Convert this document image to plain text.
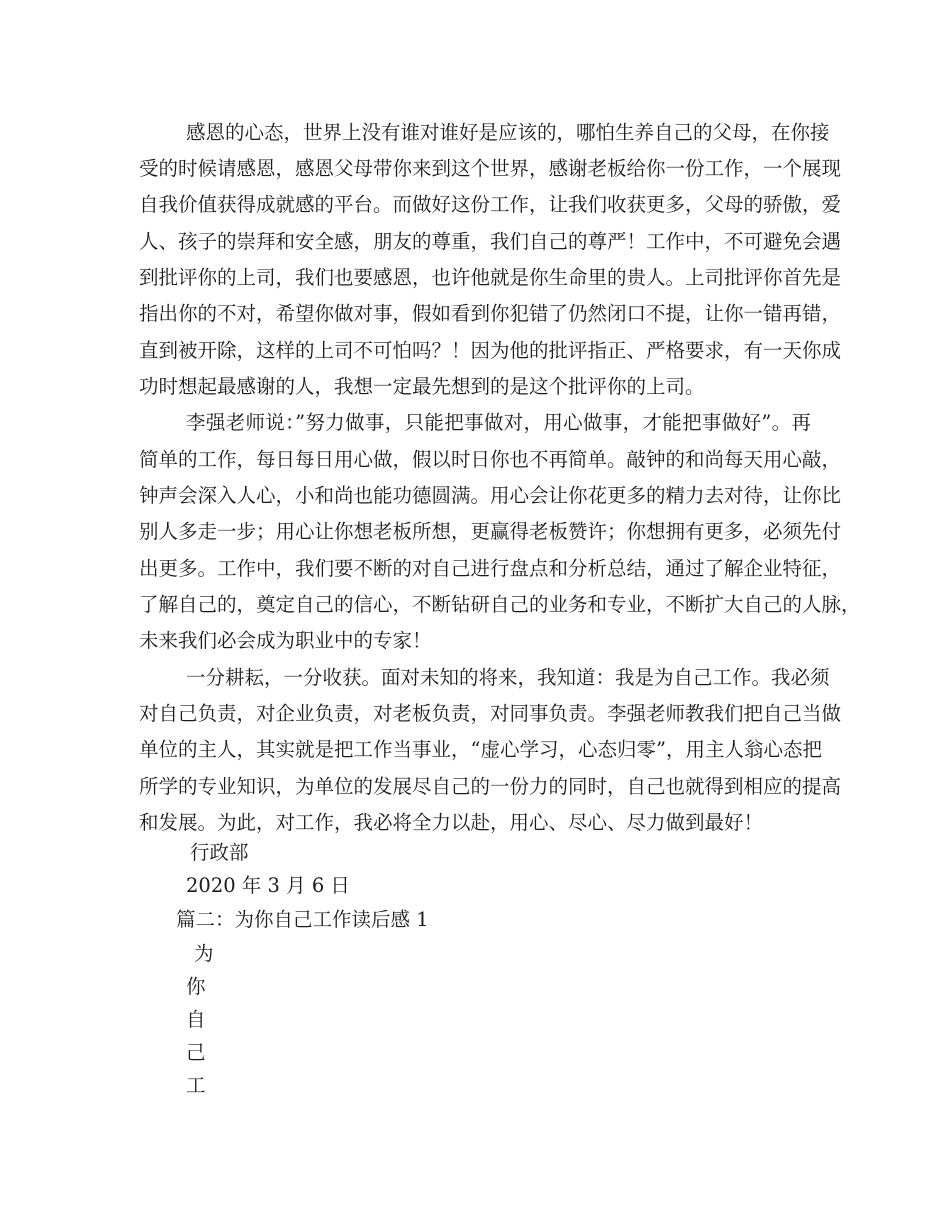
感恩的心态，世界上没有谁对谁好是应该的，哪怕生养自己的父母，在你接
受的时候请感恩，感恩父母带你来到这个世界，感谢老板给你一份工作，一个展现
自我价值获得成就感的平台。而做好这份工作，让我们收获更多，父母的骄傲，爱
人、孩子的崇拜和安全感，朋友的尊重，我们自己的尊严！工作中，不可避免会遇
到批评你的上司，我们也要感恩，也许他就是你生命里的贵人。上司批评你首先是
指出你的不对，希望你做对事，假如看到你犯错了仍然闭口不提，让你一错再错，
直到被开除，这样的上司不可怕吗？！因为他的批评指正、严格要求，有一天你成
功时想起最感谢的人，我想一定最先想到的是这个批评你的上司。
李强老师说：”努力做事，只能把事做对，用心做事，才能把事做好”。再
简单的工作，每日每日用心做，假以时日你也不再简单。敲钟的和尚每天用心敲，
钟声会深入人心，小和尚也能功德圆满。用心会让你花更多的精力去对待，让你比
别人多走一步；用心让你想老板所想，更赢得老板赞许；你想拥有更多，必须先付
出更多。工作中，我们要不断的对自己进行盘点和分析总结，通过了解企业特征，
了解自己的，奠定自己的信心，不断钻研自己的业务和专业，不断扩大自己的人脉，
未来我们必会成为职业中的专家！
一分耕耘，一分收获。面对未知的将来，我知道：我是为自己工作。我必须
对自己负责，对企业负责，对老板负责，对同事负责。李强老师教我们把自己当做
单位的主人，其实就是把工作当事业，“虚心学习，心态归零”，用主人翁心态把
所学的专业知识，为单位的发展尽自己的一份力的同时，自己也就得到相应的提高
和发展。为此，对工作，我必将全力以赴，用心、尽心、尽力做到最好！
行政部
2020 年 3 月 6 日
篇二：为你自己工作读后感 1
为
你
自
己
工
